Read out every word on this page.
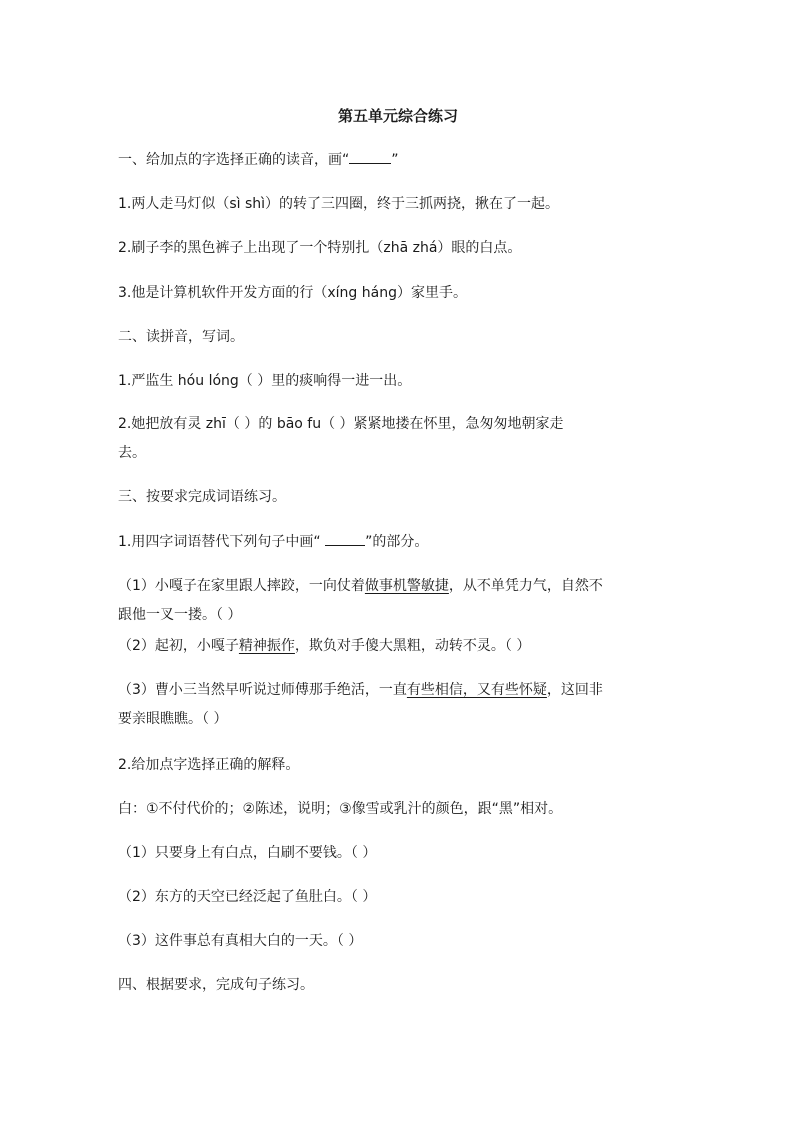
第五单元综合练习
一、给加点的字选择正确的读音，画“	”
1.两人走马灯似（sì shì）的转了三四圈，终于三抓两挠，揪在了一起。
2.刷子李的黑色裤子上出现了一个特别扎（zhā zhá）眼的白点。
3.他是计算机软件开发方面的行（xíng háng）家里手。
二、读拼音，写词。
1.严监生 hóu lóng（ ）里的痰响得一进一出。
2.她把放有灵 zhī（ ）的 bāo fu（ ）紧紧地搂在怀里，急匆匆地朝家走
去。
三、按要求完成词语练习。
1.用四字词语替代下列句子中画“	”的部分。
（1）小嘎子在家里跟人摔跤，一向仗着做事机警敏捷，从不单凭力气，自然不
跟他一叉一搂。（ ）
（2）起初，小嘎子精神振作，欺负对手傻大黑粗，动转不灵。（ ）
（3）曹小三当然早听说过师傅那手绝活，一直有些相信，又有些怀疑，这回非
要亲眼瞧瞧。（ ）
2.给加点字选择正确的解释。
白：①不付代价的；②陈述，说明；③像雪或乳汁的颜色，跟“黑”相对。
（1）只要身上有白点，白刷不要钱。（ ）
（2）东方的天空已经泛起了鱼肚白。（ ）
（3）这件事总有真相大白的一天。（ ）
四、根据要求，完成句子练习。
